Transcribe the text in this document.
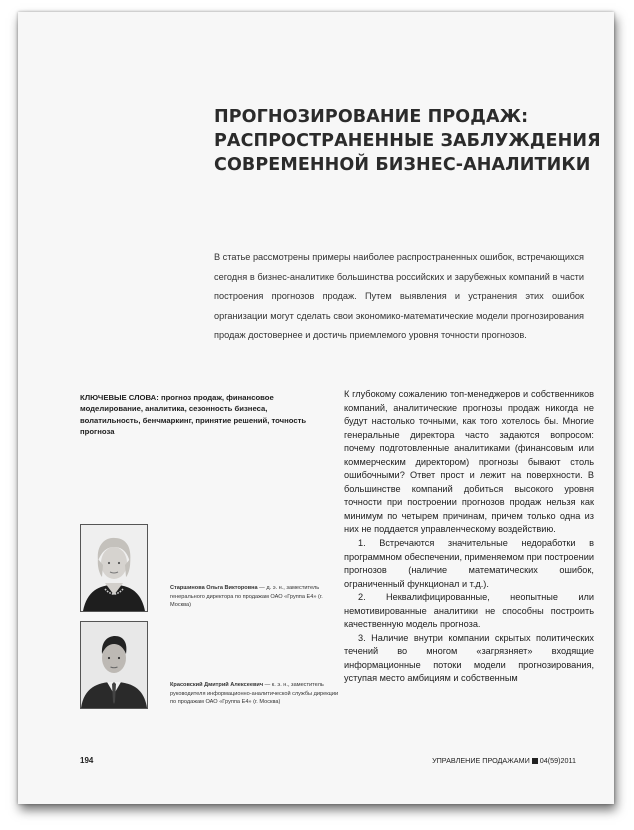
ПРОГНОЗИРОВАНИЕ ПРОДАЖ:
РАСПРОСТРАНЕННЫЕ ЗАБЛУЖДЕНИЯ
СОВРЕМЕННОЙ БИЗНЕС-АНАЛИТИКИ
В статье рассмотрены примеры наиболее распространенных ошибок, встречающихся сегодня в бизнес-аналитике большинства российских и зарубежных компаний в части построения прогнозов продаж. Путем выявления и устранения этих ошибок организации могут сделать свои экономико-математические модели прогнозирования продаж достовернее и достичь приемлемого уровня точности прогнозов.
КЛЮЧЕВЫЕ СЛОВА: прогноз продаж, финансовое моделирование, аналитика, сезонность бизнеса, волатильность, бенчмаркинг, принятие решений, точность прогноза
Старшинова Ольга Викторовна — д. э. н., заместитель генерального директора по продажам ОАО «Группа Е4» (г. Москва)
Красовский Дмитрий Алексеевич — к. э. н., заместитель руководителя информационно-аналитической службы дирекции по продажам ОАО «Группа Е4» (г. Москва)

К глубокому сожалению топ-менеджеров и собственников компаний, аналитические прогнозы продаж никогда не будут настолько точными, как того хотелось бы. Многие генеральные директора часто задаются вопросом: почему подготовленные аналитиками (финансовым или коммерческим директором) прогнозы бывают столь ошибочными? Ответ прост и лежит на поверхности. В большинстве компаний добиться высокого уровня точности при построении прогнозов продаж нельзя как минимум по четырем причинам, причем только одна из них не поддается управленческому воздействию.

1. Встречаются значительные недоработки в программном обеспечении, применяемом при построении прогнозов (наличие математических ошибок, ограниченный функционал и т.д.).

2. Неквалифицированные, неопытные или немотивированные аналитики не способны построить качественную модель прогноза.

3. Наличие внутри компании скрытых политических течений во многом «загрязняет» входящие информационные потоки модели прогнозирования, уступая место амбициям и собственным

194	УПРАВЛЕНИЕ ПРОДАЖАМИ 04(59)2011
